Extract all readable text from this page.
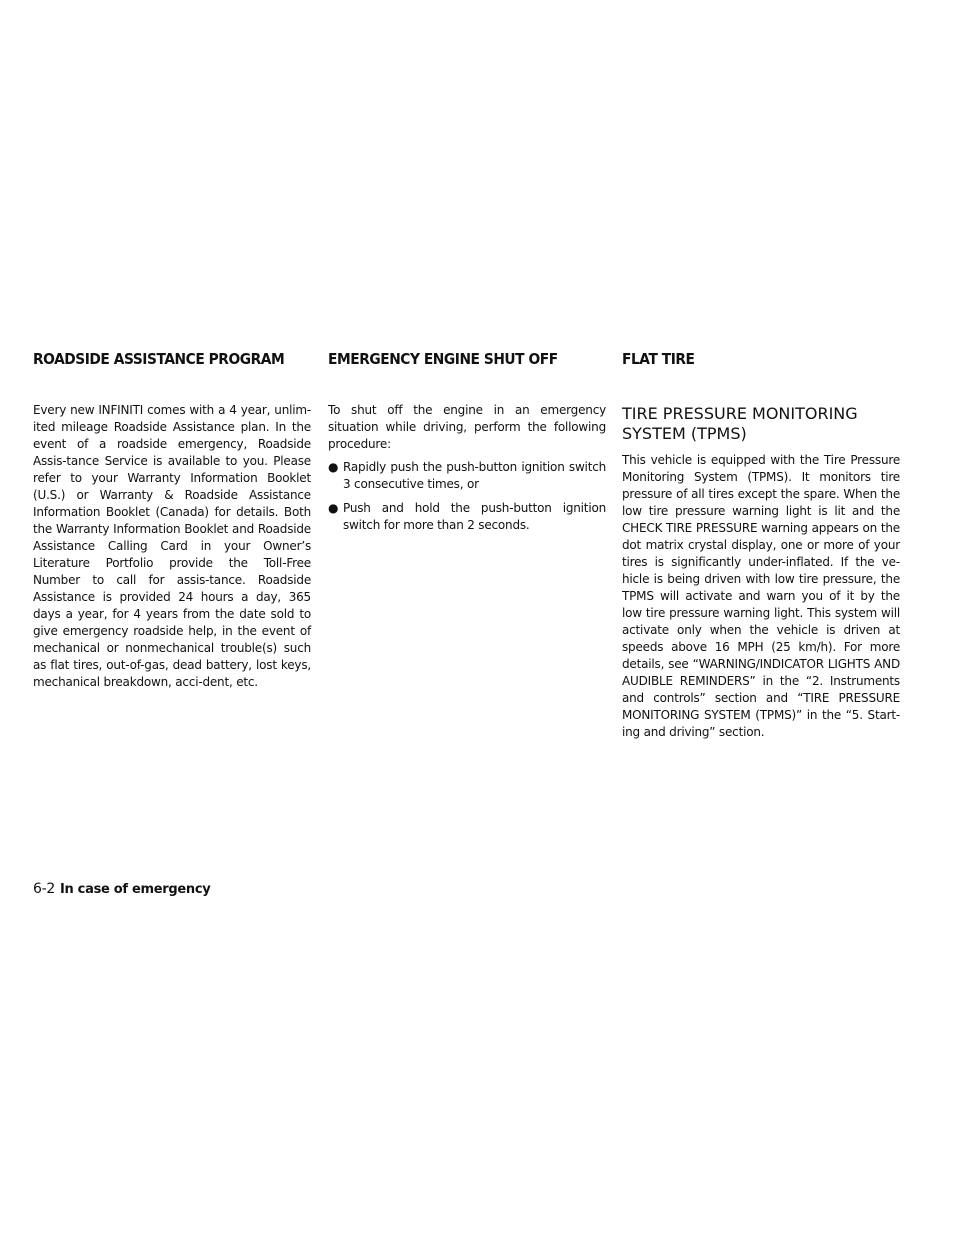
ROADSIDE ASSISTANCE PROGRAM	EMERGENCY ENGINE SHUT OFF	FLAT TIRE

Every new INFINITI comes with a 4 year, unlim-ited mileage Roadside Assistance plan. In the event of a roadside emergency, Roadside Assis-tance Service is available to you. Please refer to your Warranty Information Booklet (U.S.) or Warranty & Roadside Assistance Information Booklet (Canada) for details. Both the Warranty Information Booklet and Roadside Assistance Calling Card in your Owner’s Literature Portfolio provide the Toll-Free Number to call for assis-tance. Roadside Assistance is provided 24 hours a day, 365 days a year, for 4 years from the date sold to give emergency roadside help, in the event of mechanical or nonmechanical trouble(s) such as flat tires, out-of-gas, dead battery, lost keys, mechanical breakdown, acci-dent, etc.

To shut off the engine in an emergency situation while driving, perform the following procedure:

● Rapidly push the push-button ignition switch 3 consecutive times, or
● Push and hold the push-button ignition switch for more than 2 seconds.
TIRE PRESSURE MONITORING SYSTEM (TPMS)

This vehicle is equipped with the Tire Pressure Monitoring System (TPMS). It monitors tire pressure of all tires except the spare. When the low tire pressure warning light is lit and the CHECK TIRE PRESSURE warning appears on the dot matrix crystal display, one or more of your tires is significantly under-inflated. If the ve-hicle is being driven with low tire pressure, the TPMS will activate and warn you of it by the low tire pressure warning light. This system will activate only when the vehicle is driven at speeds above 16 MPH (25 km/h). For more details, see “WARNING/INDICATOR LIGHTS AND AUDIBLE REMINDERS” in the “2. Instruments and controls” section and “TIRE PRESSURE MONITORING SYSTEM (TPMS)” in the “5. Start-ing and driving” section.

6-2 In case of emergency
